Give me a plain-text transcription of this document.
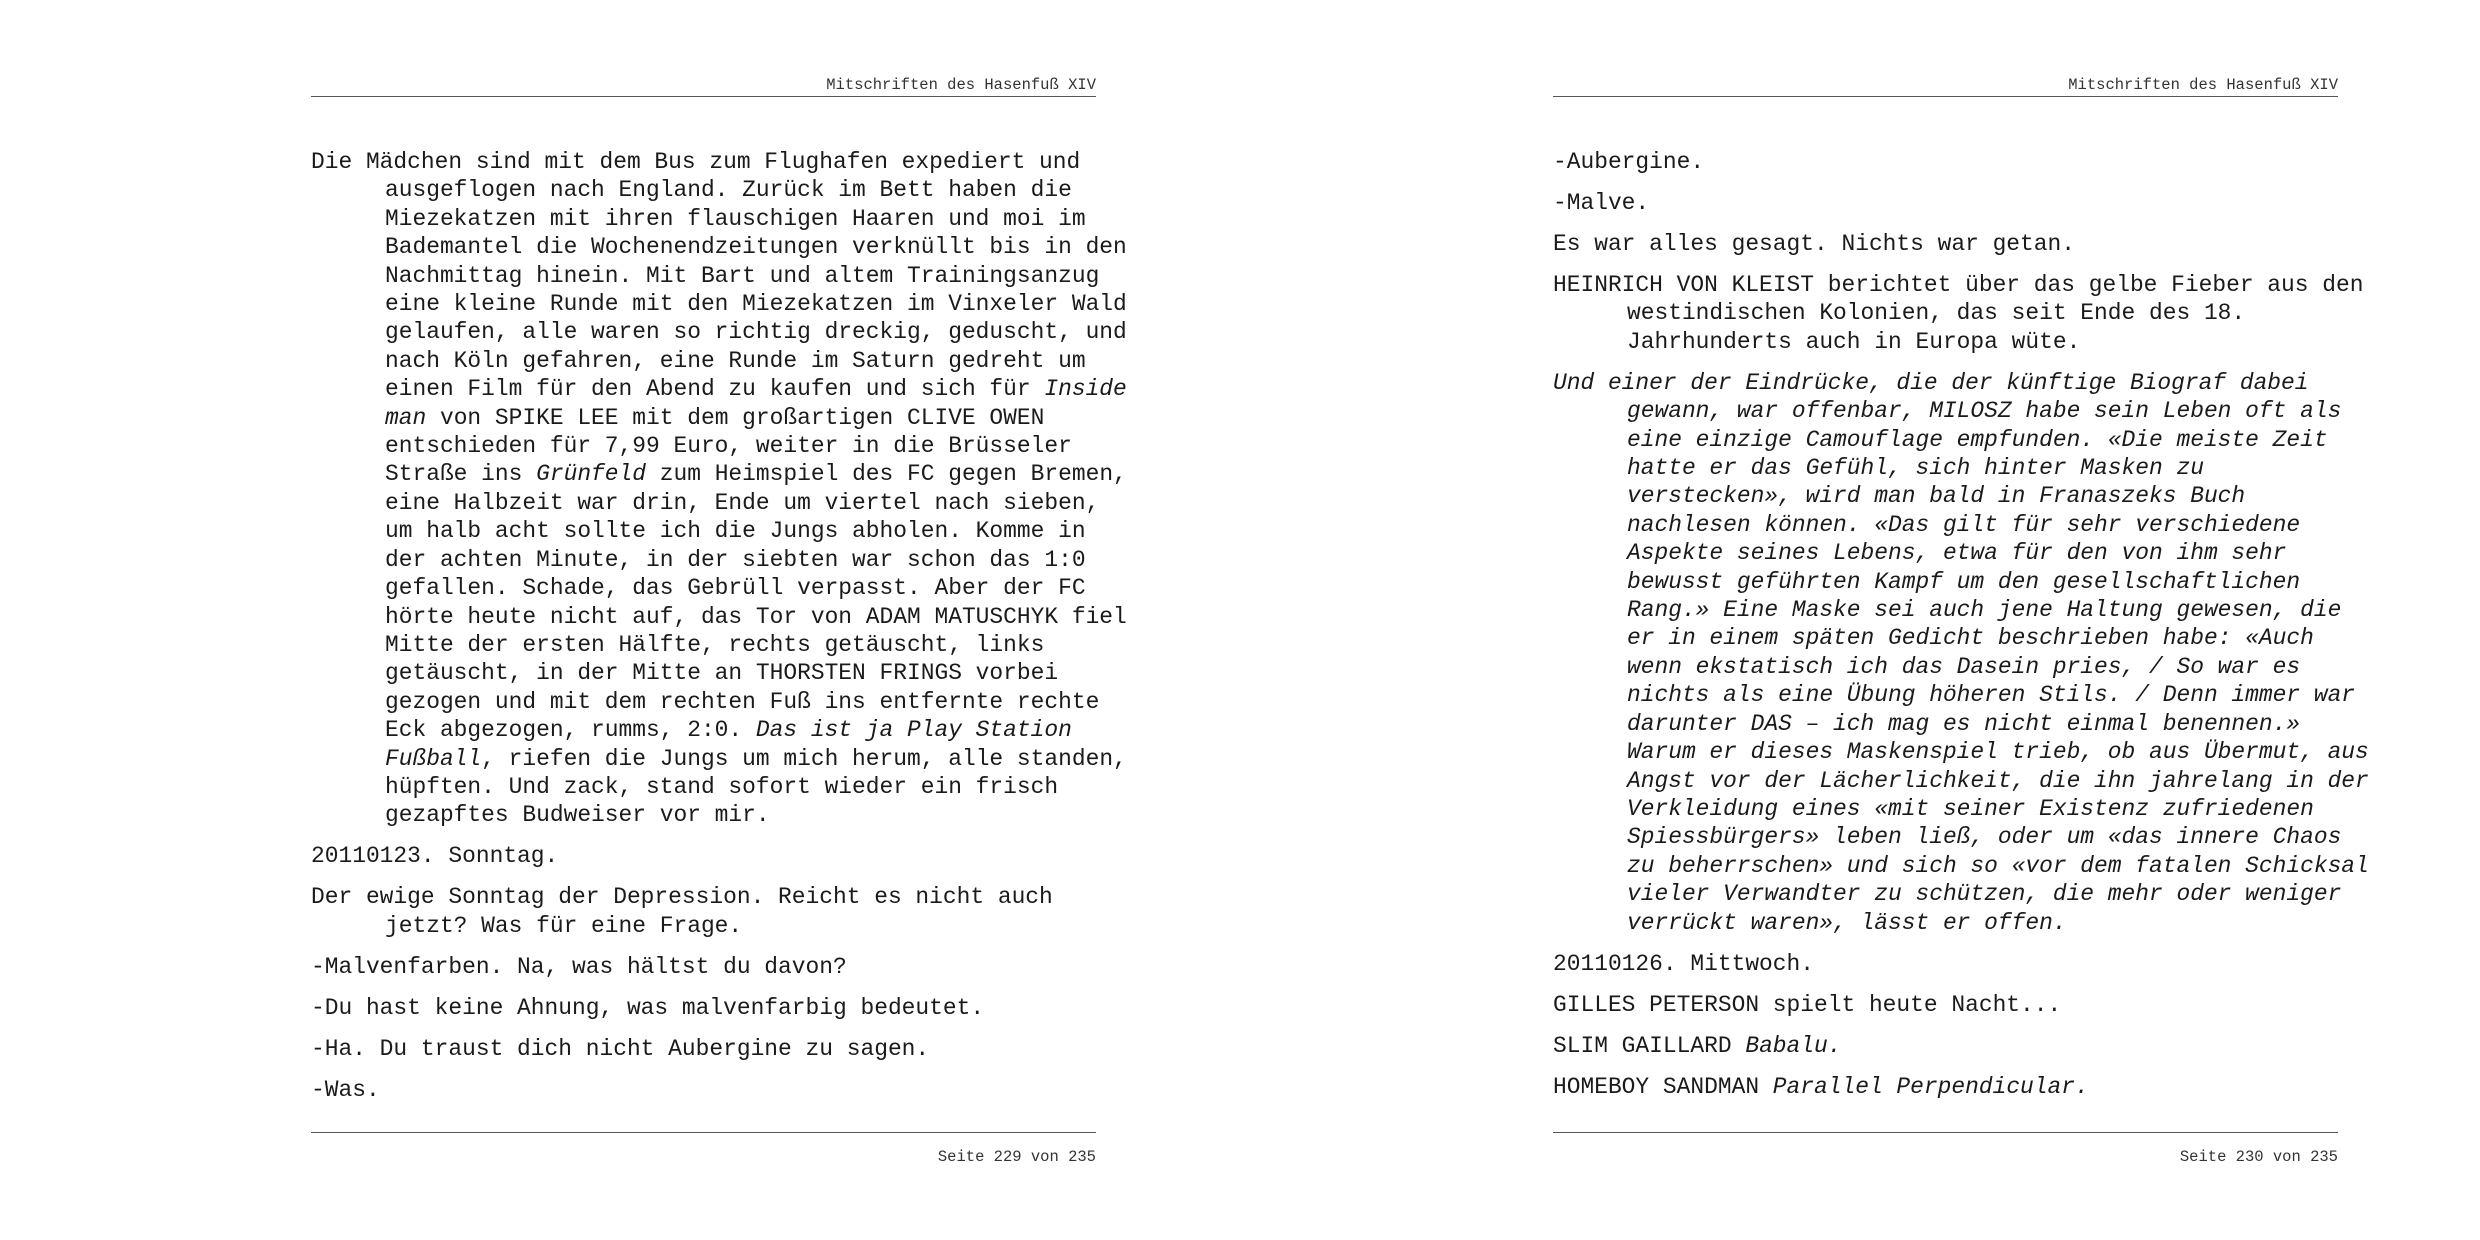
Mitschriften des Hasenfuß XIV

Die Mädchen sind mit dem Bus zum Flughafen expediert und
ausgeflogen nach England. Zurück im Bett haben die
Miezekatzen mit ihren flauschigen Haaren und moi im
Bademantel die Wochenendzeitungen verknüllt bis in den
Nachmittag hinein. Mit Bart und altem Trainingsanzug
eine kleine Runde mit den Miezekatzen im Vinxeler Wald
gelaufen, alle waren so richtig dreckig, geduscht, und
nach Köln gefahren, eine Runde im Saturn gedreht um
einen Film für den Abend zu kaufen und sich für Inside
man von SPIKE LEE mit dem großartigen CLIVE OWEN
entschieden für 7,99 Euro, weiter in die Brüsseler
Straße ins Grünfeld zum Heimspiel des FC gegen Bremen,
eine Halbzeit war drin, Ende um viertel nach sieben,
um halb acht sollte ich die Jungs abholen. Komme in
der achten Minute, in der siebten war schon das 1:0
gefallen. Schade, das Gebrüll verpasst. Aber der FC
hörte heute nicht auf, das Tor von ADAM MATUSCHYK fiel
Mitte der ersten Hälfte, rechts getäuscht, links
getäuscht, in der Mitte an THORSTEN FRINGS vorbei
gezogen und mit dem rechten Fuß ins entfernte rechte
Eck abgezogen, rumms, 2:0. Das ist ja Play Station
Fußball, riefen die Jungs um mich herum, alle standen,
hüpften. Und zack, stand sofort wieder ein frisch
gezapftes Budweiser vor mir.

20110123. Sonntag.

Der ewige Sonntag der Depression. Reicht es nicht auch
jetzt? Was für eine Frage.

-Malvenfarben. Na, was hältst du davon?

-Du hast keine Ahnung, was malvenfarbig bedeutet.

-Ha. Du traust dich nicht Aubergine zu sagen.

-Was.

Seite 229 von 235
Mitschriften des Hasenfuß XIV

-Aubergine.

-Malve.

Es war alles gesagt. Nichts war getan.

HEINRICH VON KLEIST berichtet über das gelbe Fieber aus den
westindischen Kolonien, das seit Ende des 18.
Jahrhunderts auch in Europa wüte.

Und einer der Eindrücke, die der künftige Biograf dabei
gewann, war offenbar, MILOSZ habe sein Leben oft als
eine einzige Camouflage empfunden. «Die meiste Zeit
hatte er das Gefühl, sich hinter Masken zu
verstecken», wird man bald in Franaszeks Buch
nachlesen können. «Das gilt für sehr verschiedene
Aspekte seines Lebens, etwa für den von ihm sehr
bewusst geführten Kampf um den gesellschaftlichen
Rang.» Eine Maske sei auch jene Haltung gewesen, die
er in einem späten Gedicht beschrieben habe: «Auch
wenn ekstatisch ich das Dasein pries, / So war es
nichts als eine Übung höheren Stils. / Denn immer war
darunter DAS – ich mag es nicht einmal benennen.»
Warum er dieses Maskenspiel trieb, ob aus Übermut, aus
Angst vor der Lächerlichkeit, die ihn jahrelang in der
Verkleidung eines «mit seiner Existenz zufriedenen
Spiessbürgers» leben ließ, oder um «das innere Chaos
zu beherrschen» und sich so «vor dem fatalen Schicksal
vieler Verwandter zu schützen, die mehr oder weniger
verrückt waren», lässt er offen.

20110126. Mittwoch.

GILLES PETERSON spielt heute Nacht...

SLIM GAILLARD Babalu.

HOMEBOY SANDMAN Parallel Perpendicular.

Seite 230 von 235
